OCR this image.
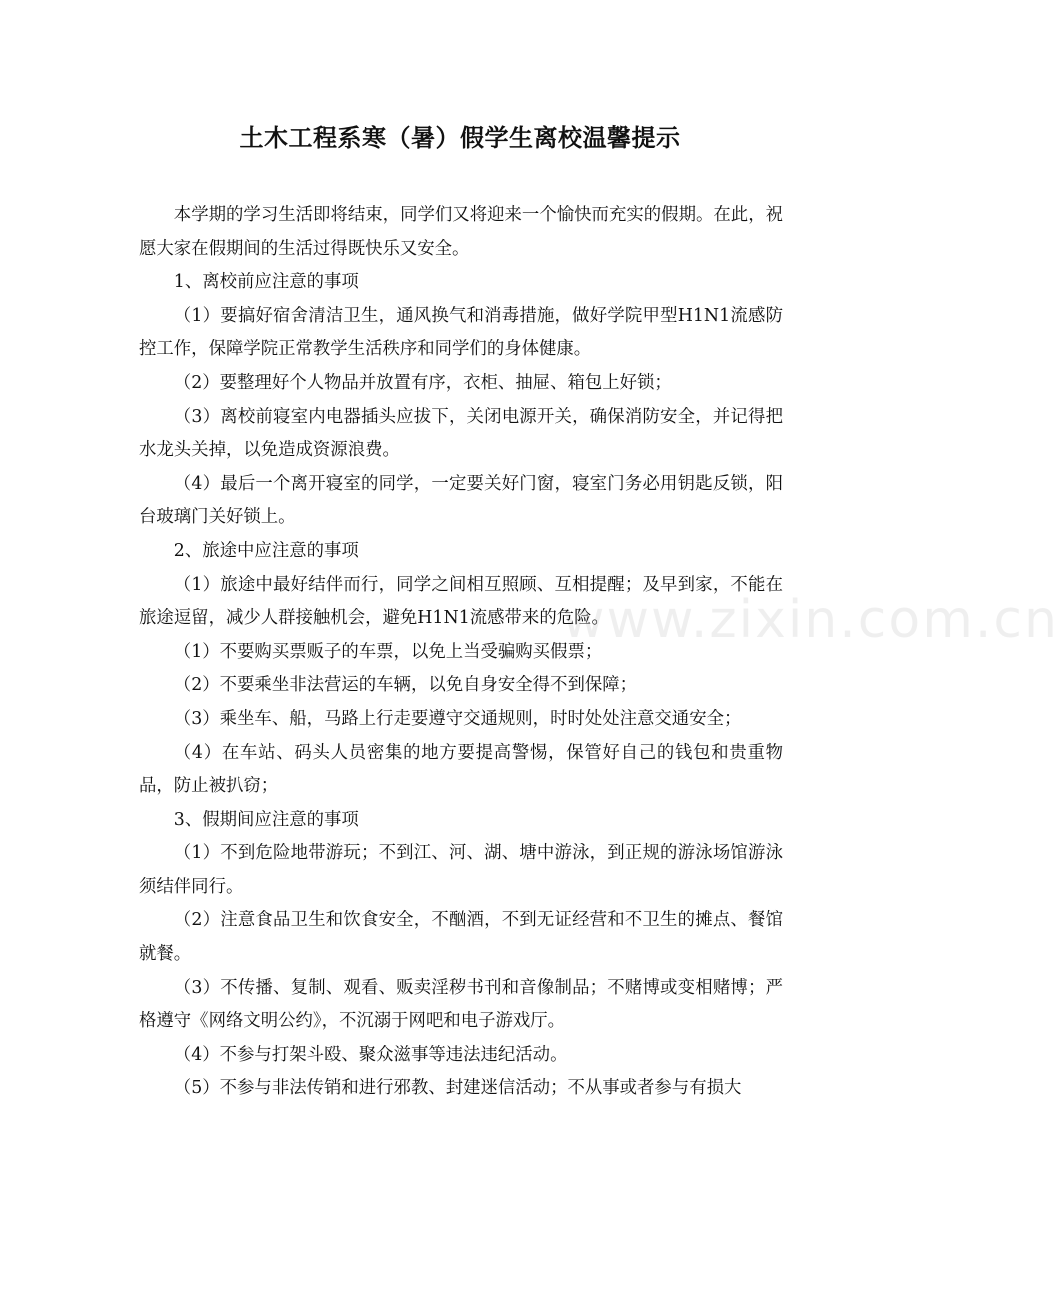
土木工程系寒（暑）假学生离校温馨提示

本学期的学习生活即将结束，同学们又将迎来一个愉快而充实的假期。在此，祝愿大家在假期间的生活过得既快乐又安全。

1、离校前应注意的事项

（1）要搞好宿舍清洁卫生，通风换气和消毒措施，做好学院甲型H1N1流感防控工作，保障学院正常教学生活秩序和同学们的身体健康。

（2）要整理好个人物品并放置有序，衣柜、抽屉、箱包上好锁；

（3）离校前寝室内电器插头应拔下，关闭电源开关，确保消防安全，并记得把水龙头关掉，以免造成资源浪费。

（4）最后一个离开寝室的同学，一定要关好门窗，寝室门务必用钥匙反锁，阳台玻璃门关好锁上。

2、旅途中应注意的事项

（1）旅途中最好结伴而行，同学之间相互照顾、互相提醒；及早到家，不能在旅途逗留，减少人群接触机会，避免H1N1流感带来的危险。

（1）不要购买票贩子的车票，以免上当受骗购买假票；

（2）不要乘坐非法营运的车辆，以免自身安全得不到保障；

（3）乘坐车、船，马路上行走要遵守交通规则，时时处处注意交通安全；

（4）在车站、码头人员密集的地方要提高警惕，保管好自己的钱包和贵重物品，防止被扒窃；

3、假期间应注意的事项

（1）不到危险地带游玩；不到江、河、湖、塘中游泳，到正规的游泳场馆游泳须结伴同行。

（2）注意食品卫生和饮食安全，不酗酒，不到无证经营和不卫生的摊点、餐馆就餐。

（3）不传播、复制、观看、贩卖淫秽书刊和音像制品；不赌博或变相赌博；严格遵守《网络文明公约》，不沉溺于网吧和电子游戏厅。

（4）不参与打架斗殴、聚众滋事等违法违纪活动。

（5）不参与非法传销和进行邪教、封建迷信活动；不从事或者参与有损大

www.zixin.com.cn
